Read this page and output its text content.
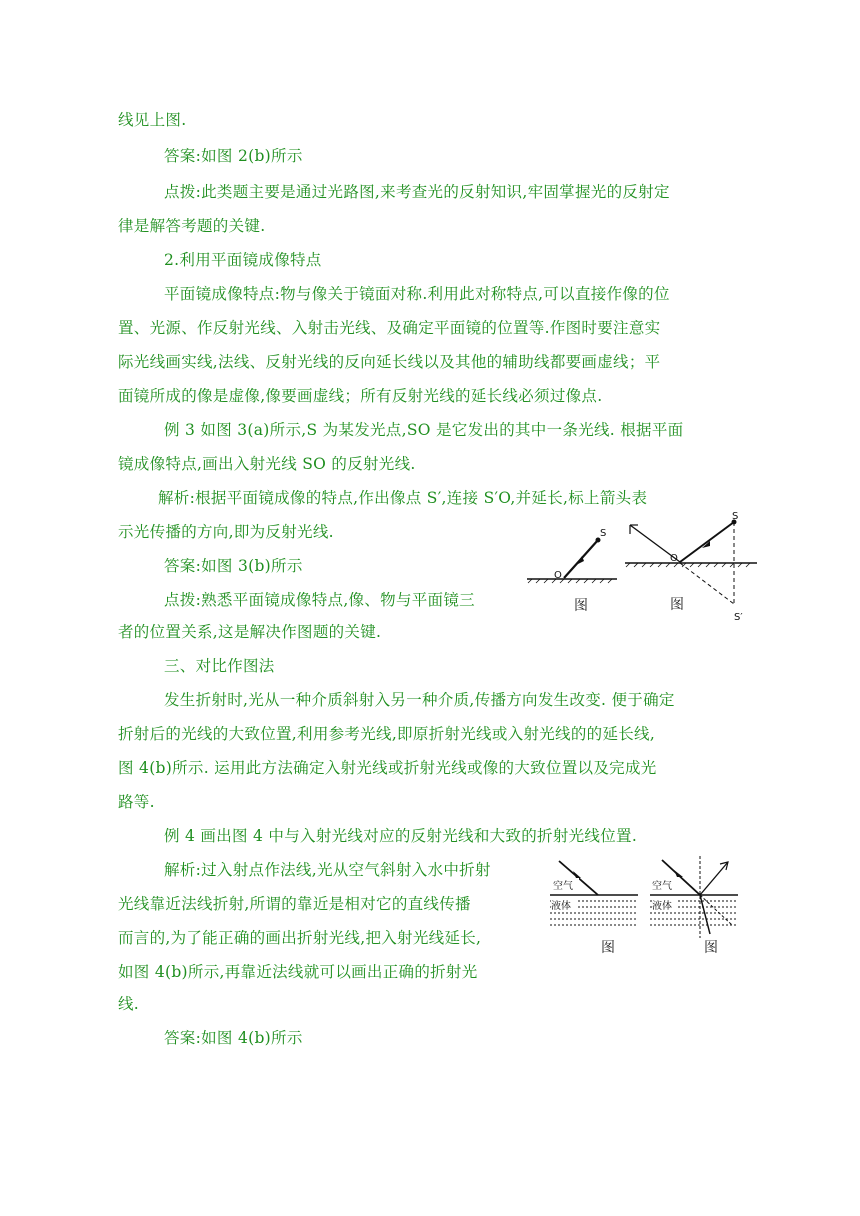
线见上图.
答案:如图 2(b)所示
点拨:此类题主要是通过光路图,来考查光的反射知识,牢固掌握光的反射定
律是解答考题的关键.
2.利用平面镜成像特点
平面镜成像特点:物与像关于镜面对称.利用此对称特点,可以直接作像的位
置、光源、作反射光线、入射击光线、及确定平面镜的位置等.作图时要注意实
际光线画实线,法线、反射光线的反向延长线以及其他的辅助线都要画虚线；平
面镜所成的像是虚像,像要画虚线；所有反射光线的延长线必须过像点.
例 3 如图 3(a)所示,S 为某发光点,SO 是它发出的其中一条光线. 根据平面
镜成像特点,画出入射光线 SO 的反射光线.
解析:根据平面镜成像的特点,作出像点 S′,连接 S′O,并延长,标上箭头表
示光传播的方向,即为反射光线.
答案:如图 3(b)所示
点拨:熟悉平面镜成像特点,像、物与平面镜三
者的位置关系,这是解决作图题的关键.
三、对比作图法
发生折射时,光从一种介质斜射入另一种介质,传播方向发生改变. 便于确定
折射后的光线的大致位置,利用参考光线,即原折射光线或入射光线的的延长线,
图 4(b)所示. 运用此方法确定入射光线或折射光线或像的大致位置以及完成光
路等.
例 4 画出图 4 中与入射光线对应的反射光线和大致的折射光线位置.
解析:过入射点作法线,光从空气斜射入水中折射
光线靠近法线折射,所谓的靠近是相对它的直线传播
而言的,为了能正确的画出折射光线,把入射光线延长,
如图 4(b)所示,再靠近法线就可以画出正确的折射光
线.
答案:如图 4(b)所示
S
O
图
S
O
S′
图
空气
液体
图
空气
液体
图
